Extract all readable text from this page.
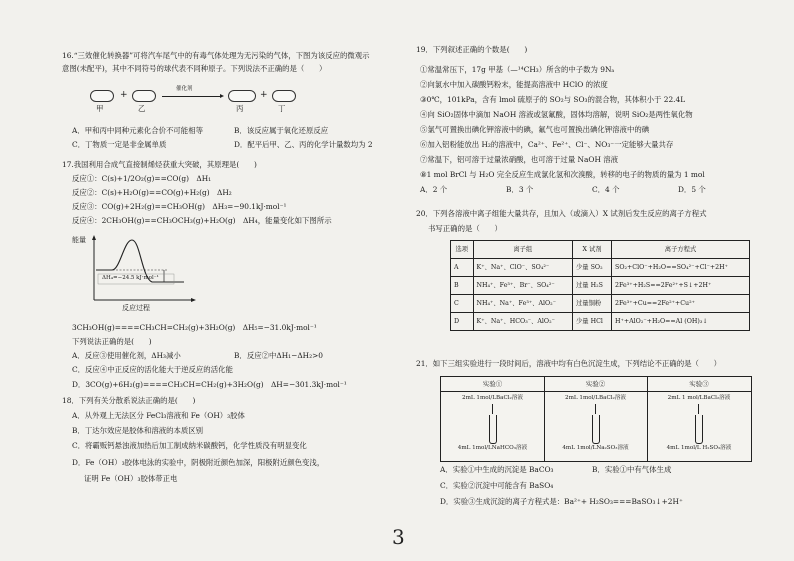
16.“三效催化转换器”可将汽车尾气中的有毒气体处理为无污染的气体，下图为该反应的微观示
意图(未配平)，其中不同符号的球代表不同种原子。下列说法不正确的是（　　）
+
催化剂
+
甲	乙	丙	丁
A．甲和丙中同种元素化合价不可能相等	B．该反应属于氧化还原反应
C．丁物质一定是非金属单质	D．配平后甲、乙、丙的化学计量数均为 2
17.我国利用合成气直接制烯烃获重大突破，其原理是(　　)
反应①：C(s)+1/2O₂(g)==CO(g)　ΔH₁
反应②：C(s)+H₂O(g)==CO(g)+H₂(g)　ΔH₂
反应③：CO(g)+2H₂(g)==CH₃OH(g)　ΔH₃=−90.1kJ·mol⁻¹
反应④：2CH₃OH(g)==CH₃OCH₃(g)+H₂O(g)　ΔH₄，能量变化如下图所示
能量
ΔH₄=−24.5 kJ·mol⁻¹
反应过程
3CH₃OH(g)====CH₃CH=CH₂(g)+3H₂O(g)　ΔH₅=−31.0kJ·mol⁻¹
下列说法正确的是(　　)
A．反应③使用催化剂，ΔH₃减小	B．反应②中ΔH₁−ΔH₂>0
C．反应④中正反应的活化能大于逆反应的活化能
D．3CO(g)+6H₂(g)====CH₃CH=CH₂(g)+3H₂O(g)　ΔH=−301.3kJ·mol⁻¹
18．下列有关分散系说法正确的是(　　)
A．从外观上无法区分 FeCl₃溶液和 Fe（OH）₃胶体
B．丁达尔效应是胶体和溶液的本质区别
C．将霸贩钙悬浊液加热后加工制成纳米碳酸钙，化学性质没有明显变化
D．Fe（OH）₃胶体电泳的实验中，阴极附近颜色加深，阳极附近颜色变浅，
证明 Fe（OH）₃胶体带正电
19．下列叙述正确的个数是(　　)
①常温常压下，17g 甲基（—¹⁴CH₃）所含的中子数为 9Nₐ
②向氯水中加入碳酸钙粉末，能提高溶液中 HClO 的浓度
③0℃，101kPa，含有 lmol 硫原子的 SO₂与 SO₃的混合物，其体积小于 22.4L
④向 SiO₂固体中滴加 NaOH 溶液或氢氟酸，固体均溶解，说明 SiO₂是两性氧化物
⑤氯气可置换出碘化钾溶液中的碘，氟气也可置换出碘化钾溶液中的碘
⑥加入铝粉能放出 H₂的溶液中，Ca²⁺、Fe²⁺、Cl⁻、NO₃⁻一定能够大量共存
⑦常温下，铝可溶于过量浓硝酸，也可溶于过量 NaOH 溶液
⑧1 mol BrCl 与 H₂O 完全反应生成氯化氢和次溴酸，转移的电子的物质的量为 1 mol
A．2 个	B．3 个	C．4 个	D．5 个
20．下列各溶液中离子组能大量共存，且加入（或滴入）X 试剂后发生反应的离子方程式
书写正确的是（　　）
选项	离子组	X 试剂	离子方程式
A	K⁺、Na⁺、ClO⁻、SO₄²⁻	少量 SO₂	SO₂+ClO⁻+H₂O==SO₄²⁻+Cl⁻+2H⁺
B	NH₄⁺、Fe³⁺、Br⁻、SO₄²⁻	过量 H₂S	2Fe³⁺+H₂S==2Fe²⁺+S↓+2H⁺
C	NH₄⁺、Na⁺、Fe³⁺、AlO₂⁻	过量铜粉	2Fe³⁺+Cu==2Fe²⁺+Cu²⁺
D	K⁺、Na⁺、HCO₃⁻、AlO₂⁻	少量 HCl	H⁺+AlO₂⁻+H₂O==Al (OH)₃↓
21．如下三组实验进行一段时间后，溶液中均有白色沉淀生成，下列结论不正确的是（　　）
实验①
2mL 1mol/LBaCl₂溶液
4mL 1mol/LNaHCO₃溶液
实验②
2mL 1mol/LBaCl₂溶液
4mL 1mol/LNa₂SO₃溶液
实验③
2mL 1 mol/LBaCl₂溶液
4mL 1mol/L H₂SO₃溶液
A．实验①中生成的沉淀是 BaCO₃	B．实验①中有气体生成
C．实验②沉淀中可能含有 BaSO₄
D．实验③生成沉淀的离子方程式是：Ba²⁺+ H₂SO₃===BaSO₃↓+2H⁺
3
